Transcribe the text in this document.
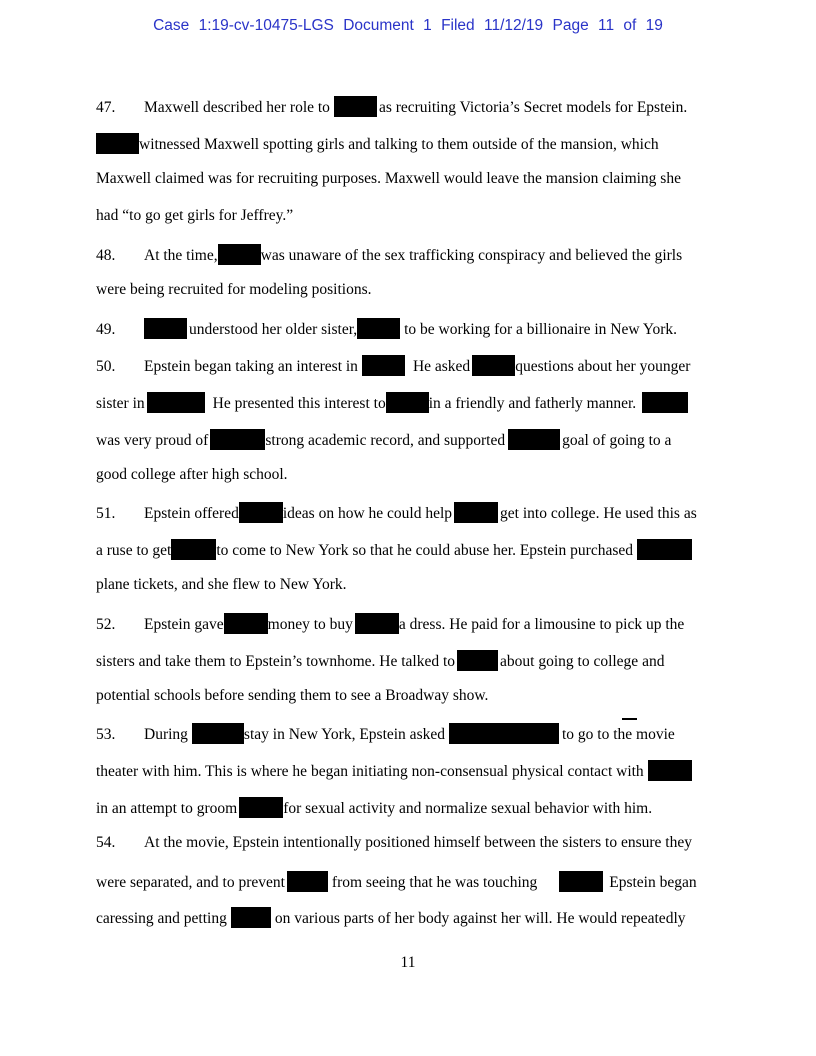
Case 1:19-cv-10475-LGS Document 1 Filed 11/12/19 Page 11 of 19
47. Maxwell described her role to	as recruiting Victoria’s Secret models for Epstein.
witnessed Maxwell spotting girls and talking to them outside of the mansion, which
Maxwell claimed was for recruiting purposes. Maxwell would leave the mansion claiming she
had “to go get girls for Jeffrey.”
48. At the time,	was unaware of the sex trafficking conspiracy and believed the girls
were being recruited for modeling positions.
49.	understood her older sister,	to be working for a billionaire in New York.
50. Epstein began taking an interest in	He asked	questions about her younger
sister in	He presented this interest to	in a friendly and fatherly manner.
was very proud of	strong academic record, and supported	goal of going to a
good college after high school.
51. Epstein offered	ideas on how he could help	get into college. He used this as
a ruse to get	to come to New York so that he could abuse her. Epstein purchased
plane tickets, and she flew to New York.
52. Epstein gave	money to buy	a dress. He paid for a limousine to pick up the
sisters and take them to Epstein’s townhome. He talked to	about going to college and
potential schools before sending them to see a Broadway show.
53. During	stay in New York, Epstein asked	to go to the movie
theater with him. This is where he began initiating non-consensual physical contact with
in an attempt to groom	for sexual activity and normalize sexual behavior with him.
54. At the movie, Epstein intentionally positioned himself between the sisters to ensure they
were separated, and to prevent	from seeing that he was touching	Epstein began
caressing and petting	on various parts of her body against her will. He would repeatedly
11
